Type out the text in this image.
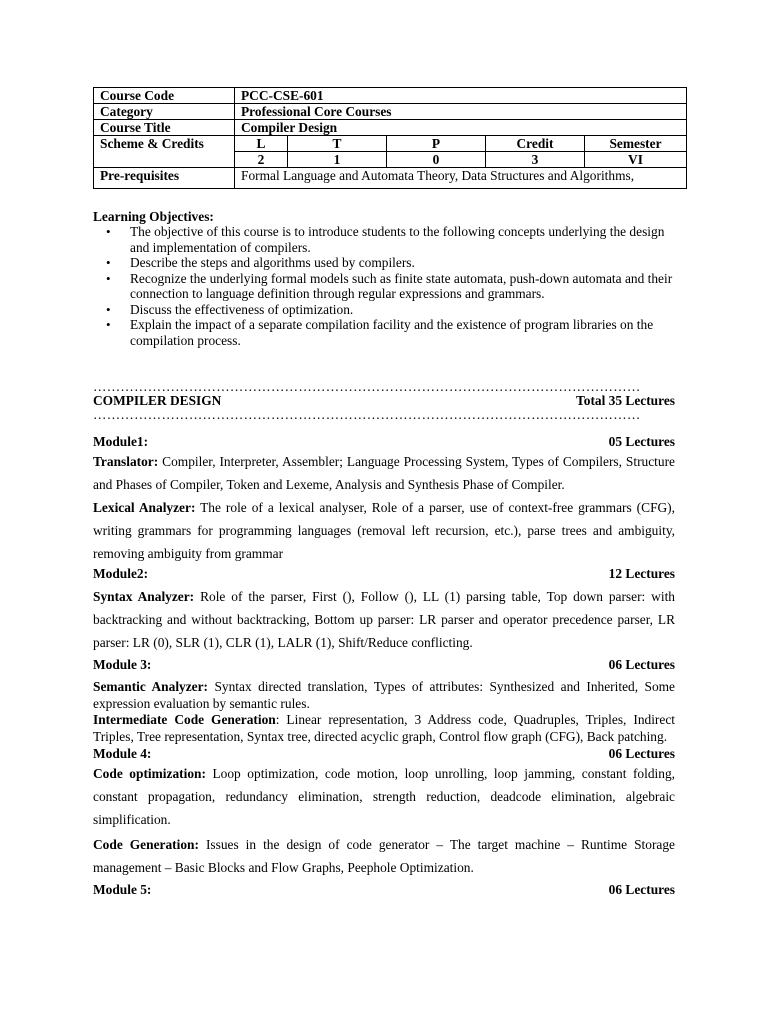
Course Code	PCC-CSE-601				
Category	Professional Core Courses				
Course Title	Compiler Design				
Scheme & Credits	L	T	P	Credit	Semester
	2	1	0	3	VI
Pre-requisites	Formal Language and Automata Theory, Data Structures and Algorithms,				
Learning Objectives:
• The objective of this course is to introduce students to the following concepts underlying the design and implementation of compilers.
• Describe the steps and algorithms used by compilers.
• Recognize the underlying formal models such as finite state automata, push-down automata and their connection to language definition through regular expressions and grammars.
• Discuss the effectiveness of optimization.
• Explain the impact of a separate compilation facility and the existence of program libraries on the compilation process.
…………………………………………………………………………………………………………
COMPILER DESIGN	Total 35 Lectures
…………………………………………………………………………………………………………
Module1:	05 Lectures
Translator: Compiler, Interpreter, Assembler; Language Processing System, Types of Compilers, Structure and Phases of Compiler, Token and Lexeme, Analysis and Synthesis Phase of Compiler.
Lexical Analyzer: The role of a lexical analyser, Role of a parser, use of context-free grammars (CFG), writing grammars for programming languages (removal left recursion, etc.), parse trees and ambiguity, removing ambiguity from grammar
Module2:	12 Lectures
Syntax Analyzer: Role of the parser, First (), Follow (), LL (1) parsing table, Top down parser: with backtracking and without backtracking, Bottom up parser: LR parser and operator precedence parser, LR parser: LR (0), SLR (1), CLR (1), LALR (1), Shift/Reduce conflicting.
Module 3:	06 Lectures
Semantic Analyzer: Syntax directed translation, Types of attributes: Synthesized and Inherited, Some expression evaluation by semantic rules.
Intermediate Code Generation: Linear representation, 3 Address code, Quadruples, Triples, Indirect Triples, Tree representation, Syntax tree, directed acyclic graph, Control flow graph (CFG), Back patching.
Module 4:	06 Lectures
Code optimization: Loop optimization, code motion, loop unrolling, loop jamming, constant folding, constant propagation, redundancy elimination, strength reduction, deadcode elimination, algebraic simplification.
Code Generation: Issues in the design of code generator – The target machine – Runtime Storage management – Basic Blocks and Flow Graphs, Peephole Optimization.
Module 5:	06 Lectures
